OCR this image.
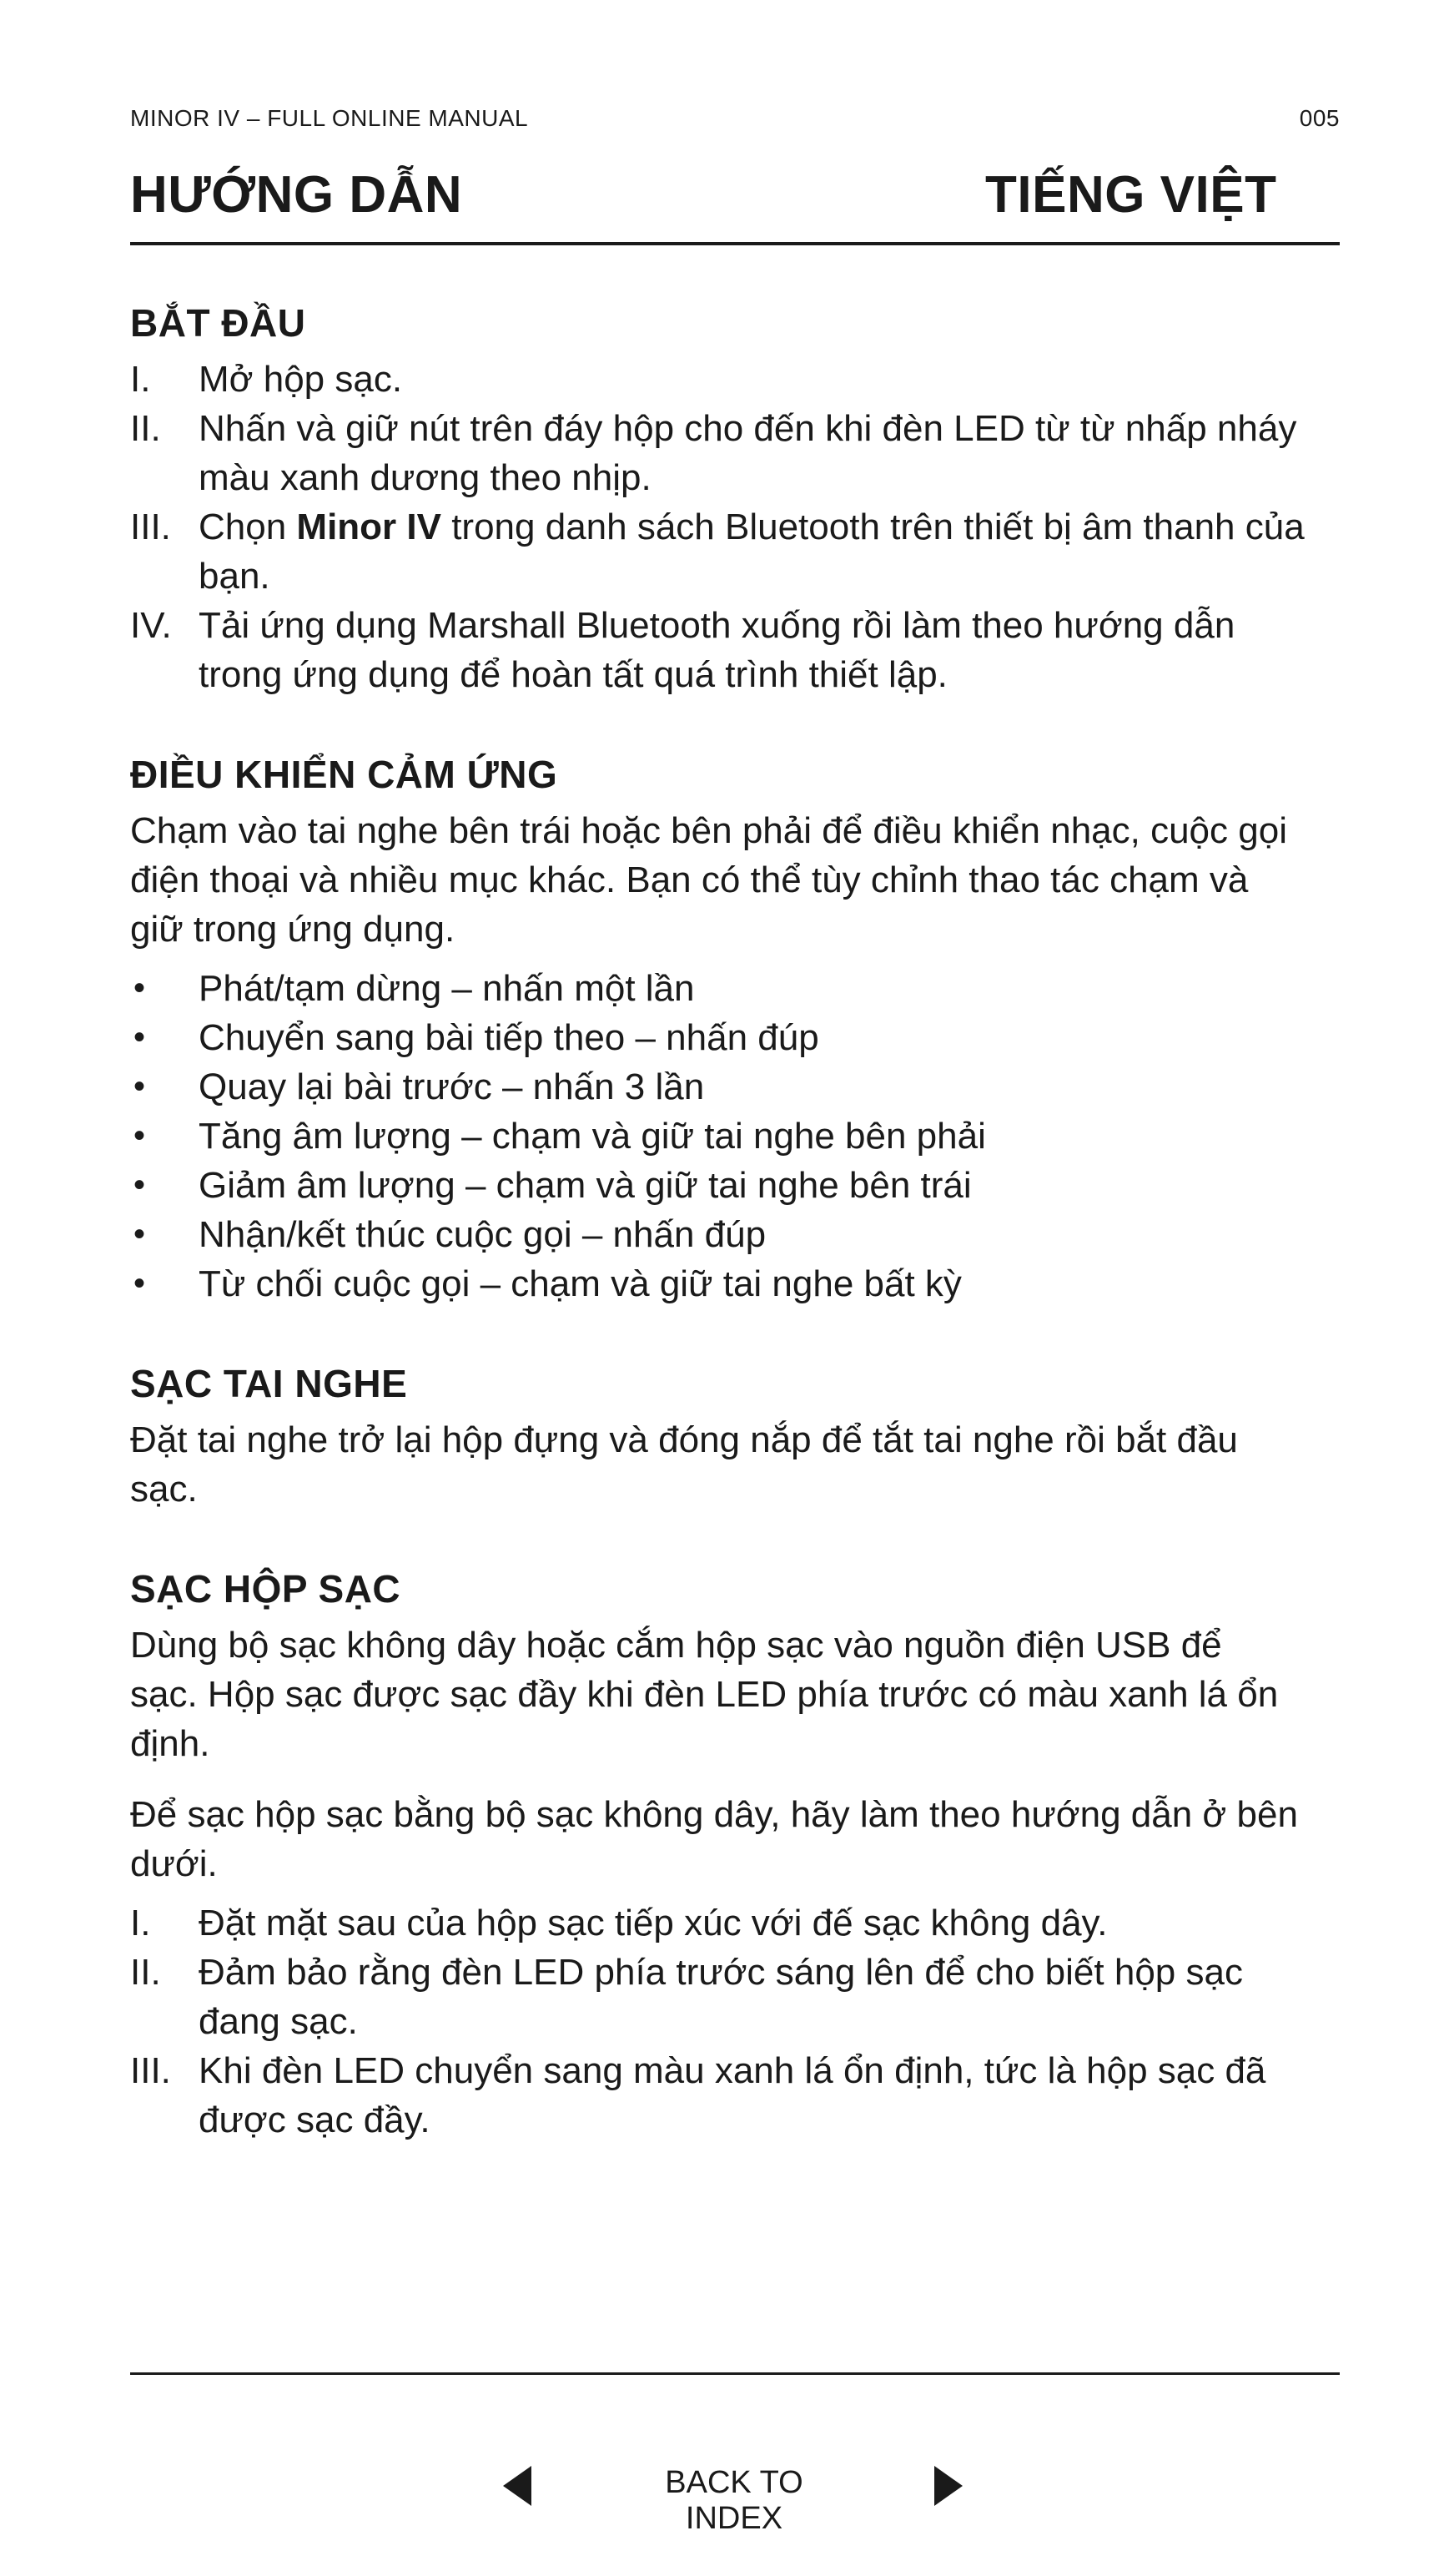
MINOR IV – FULL ONLINE MANUAL	005
HƯỚNG DẪN	TIẾNG VIỆT
BẮT ĐẦU
I. Mở hộp sạc.
II. Nhấn và giữ nút trên đáy hộp cho đến khi đèn LED từ từ nhấp nháy màu xanh dương theo nhịp.
III. Chọn Minor IV trong danh sách Bluetooth trên thiết bị âm thanh của bạn.
IV. Tải ứng dụng Marshall Bluetooth xuống rồi làm theo hướng dẫn trong ứng dụng để hoàn tất quá trình thiết lập.
ĐIỀU KHIỂN CẢM ỨNG

Chạm vào tai nghe bên trái hoặc bên phải để điều khiển nhạc, cuộc gọi điện thoại và nhiều mục khác. Bạn có thể tùy chỉnh thao tác chạm và giữ trong ứng dụng.

• Phát/tạm dừng – nhấn một lần
• Chuyển sang bài tiếp theo – nhấn đúp
• Quay lại bài trước – nhấn 3 lần
• Tăng âm lượng – chạm và giữ tai nghe bên phải
• Giảm âm lượng – chạm và giữ tai nghe bên trái
• Nhận/kết thúc cuộc gọi – nhấn đúp
• Từ chối cuộc gọi – chạm và giữ tai nghe bất kỳ
SẠC TAI NGHE

Đặt tai nghe trở lại hộp đựng và đóng nắp để tắt tai nghe rồi bắt đầu sạc.

SẠC HỘP SẠC

Dùng bộ sạc không dây hoặc cắm hộp sạc vào nguồn điện USB để sạc. Hộp sạc được sạc đầy khi đèn LED phía trước có màu xanh lá ổn định.

Để sạc hộp sạc bằng bộ sạc không dây, hãy làm theo hướng dẫn ở bên dưới.

I. Đặt mặt sau của hộp sạc tiếp xúc với đế sạc không dây.
II. Đảm bảo rằng đèn LED phía trước sáng lên để cho biết hộp sạc đang sạc.
III. Khi đèn LED chuyển sang màu xanh lá ổn định, tức là hộp sạc đã được sạc đầy.
BACK TO INDEX
